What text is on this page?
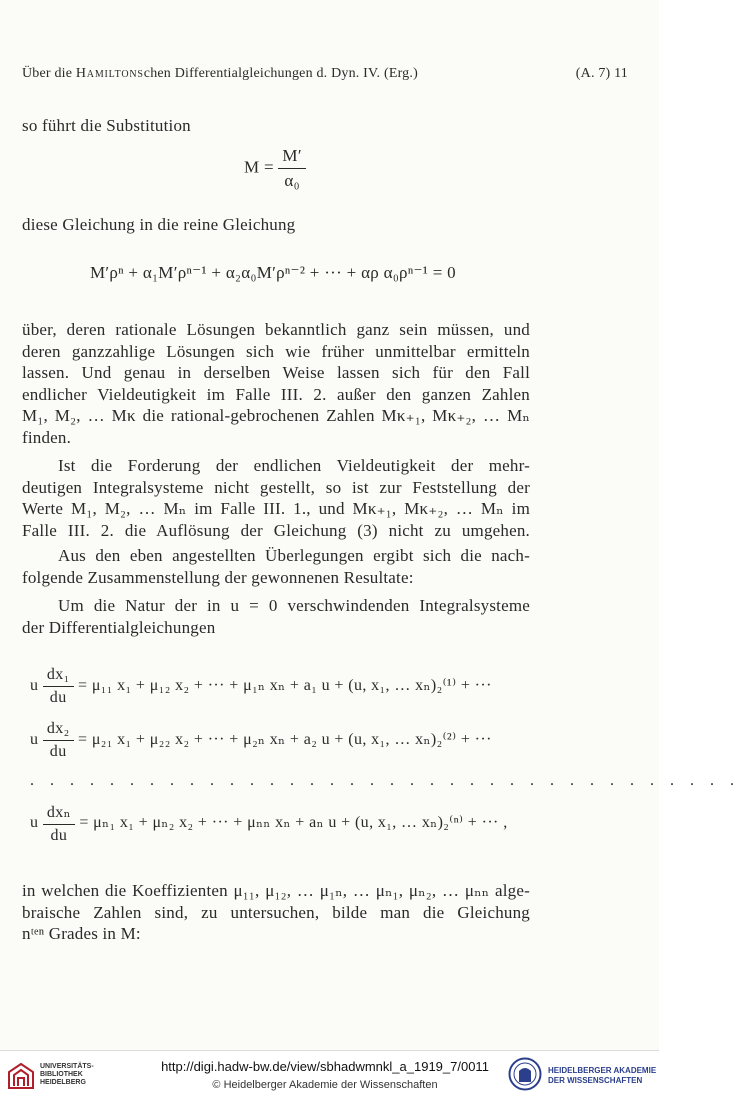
Über die Hamiltonschen Differentialgleichungen d. Dyn. IV. (Erg.)	(A. 7) 11
so führt die Substitution
$M = \frac{M'}{\text{α₀}}$
diese Gleichung in die reine Gleichung
M′ρⁿ + α₁M′ρⁿ⁻¹ + α₂α₀M′ρⁿ⁻² + ··· + αρ α₀ρⁿ⁻¹ = 0
über, deren rationale Lösungen bekanntlich ganz sein müssen, und
deren ganzzahlige Lösungen sich wie früher unmittelbar ermitteln
lassen. Und genau in derselben Weise lassen sich für den Fall
endlicher Vieldeutigkeit im Falle III. 2. außer den ganzen Zahlen
M₁, M₂, … Mκ die rational-gebrochenen Zahlen Mκ₊₁, Mκ₊₂, … Mₙ
finden.
Ist die Forderung der endlichen Vieldeutigkeit der mehr-
deutigen Integralsysteme nicht gestellt, so ist zur Feststellung der
Werte M₁, M₂, … Mₙ im Falle III. 1., und Mκ₊₁, Mκ₊₂, … Mₙ im
Falle III. 2. die Auflösung der Gleichung (3) nicht zu umgehen.
Aus den eben angestellten Überlegungen ergibt sich die nach-
folgende Zusammenstellung der gewonnenen Resultate:
Um die Natur der in u = 0 verschwindenden Integralsysteme
der Differentialgleichungen
u $\frac{\text{dx₁}}{du} = \mu_{11}$ x₁ + μ₁₂ x₂ + ··· + μ₁ₙ xₙ + a₁ u + (u, x₁, … xₙ)₂⁽¹⁾ + ···
u $\frac{\text{dx₂}}{du} = \mu_{21}$ x₁ + μ₂₂ x₂ + ··· + μ₂ₙ xₙ + a₂ u + (u, x₁, … xₙ)₂⁽²⁾ + ···
. . . . . . . . . . . . . . . . . . . . . . . . . . . . . . . . . . . .
u $\frac{\text{dxₙ}}{du} = \mu_{n1}$ x₁ + μₙ₂ x₂ + ··· + μₙₙ xₙ + aₙ u + (u, x₁, … xₙ)₂⁽ⁿ⁾ + ··· ,
in welchen die Koeffizienten μ₁₁, μ₁₂, … μ₁ₙ, … μₙ₁, μₙ₂, … μₙₙ alge-
braische Zahlen sind, zu untersuchen, bilde man die Gleichung
nᵗᵉⁿ Grades in M:
UNIVERSITÄTS-
BIBLIOTHEK
HEIDELBERG
http://digi.hadw-bw.de/view/sbhadwmnkl_a_1919_7/0011
© Heidelberger Akademie der Wissenschaften
HEIDELBERGER AKADEMIE
DER WISSENSCHAFTEN
